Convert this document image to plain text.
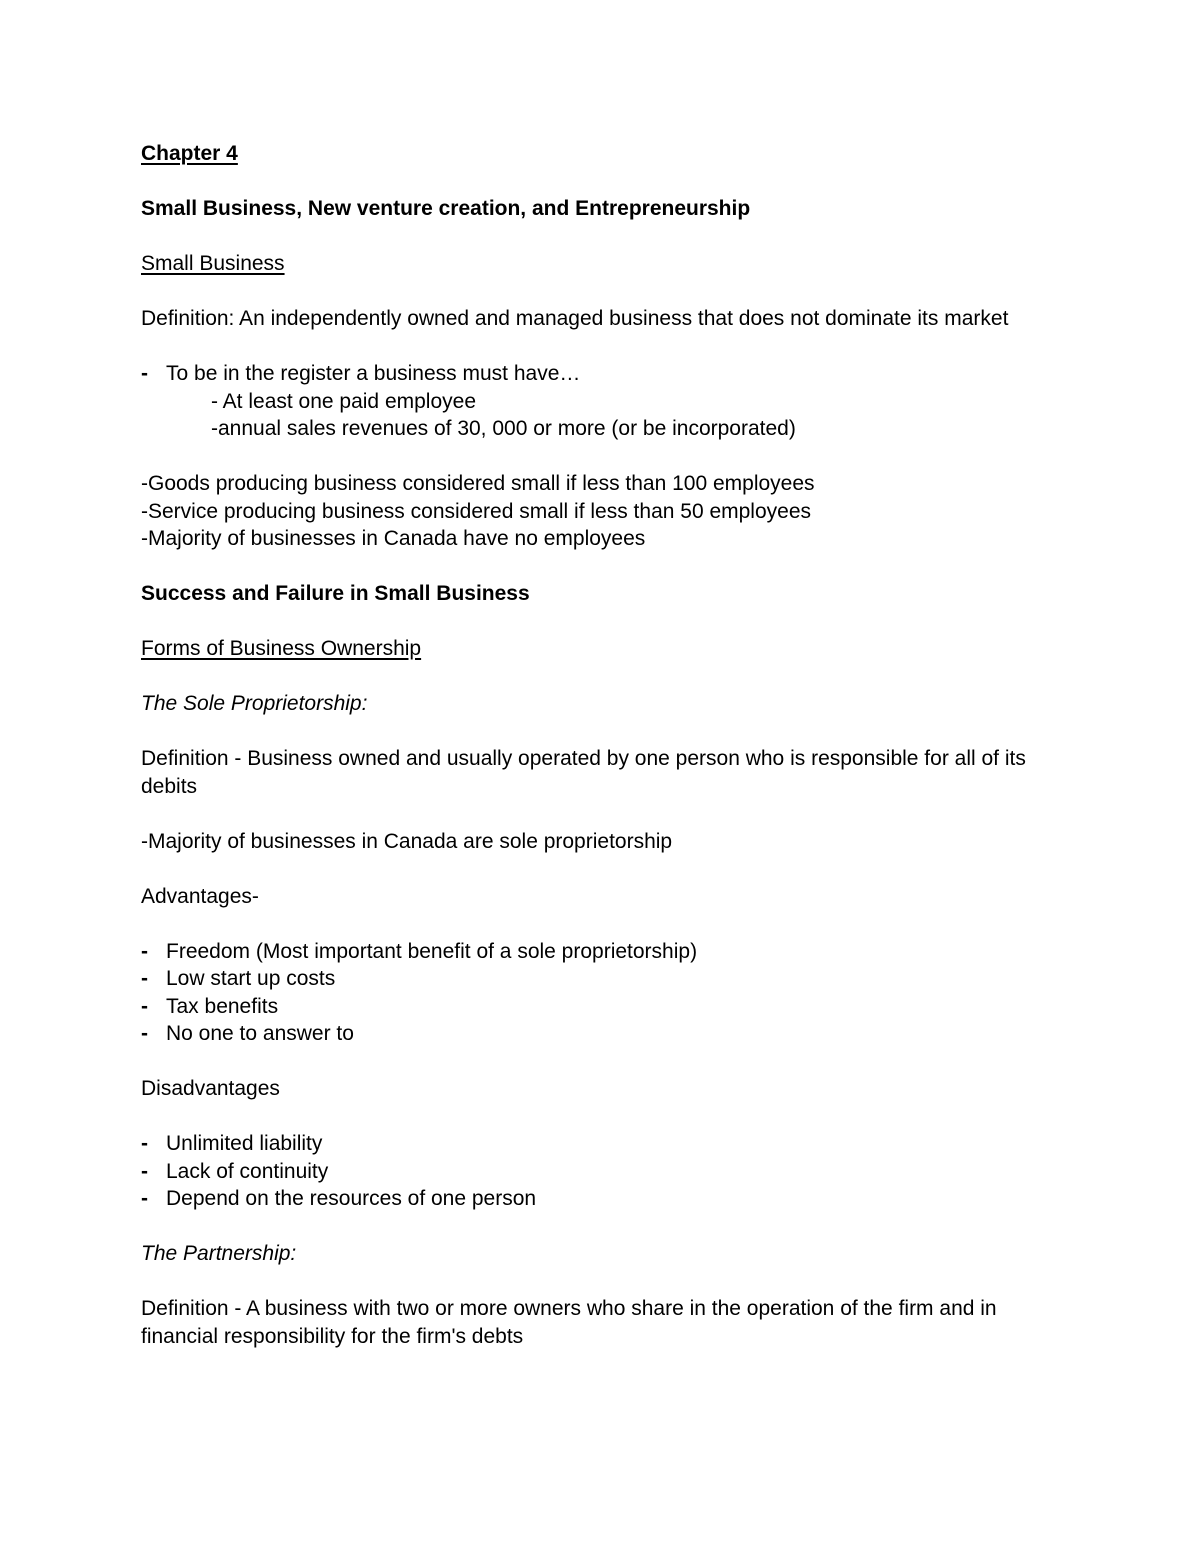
Chapter 4
Small Business, New venture creation, and Entrepreneurship
Small Business
Definition: An independently owned and managed business that does not dominate its market
- To be in the register a business must have…
- At least one paid employee
-annual sales revenues of 30, 000 or more (or be incorporated)
-Goods producing business considered small if less than 100 employees
-Service producing business considered small if less than 50 employees
-Majority of businesses in Canada have no employees
Success and Failure in Small Business
Forms of Business Ownership
The Sole Proprietorship:
Definition - Business owned and usually operated by one person who is responsible for all of its debits
-Majority of businesses in Canada are sole proprietorship
Advantages-
- Freedom (Most important benefit of a sole proprietorship)
- Low start up costs
- Tax benefits
- No one to answer to
Disadvantages
- Unlimited liability
- Lack of continuity
- Depend on the resources of one person
The Partnership:
Definition - A business with two or more owners who share in the operation of the firm and in financial responsibility for the firm's debts
